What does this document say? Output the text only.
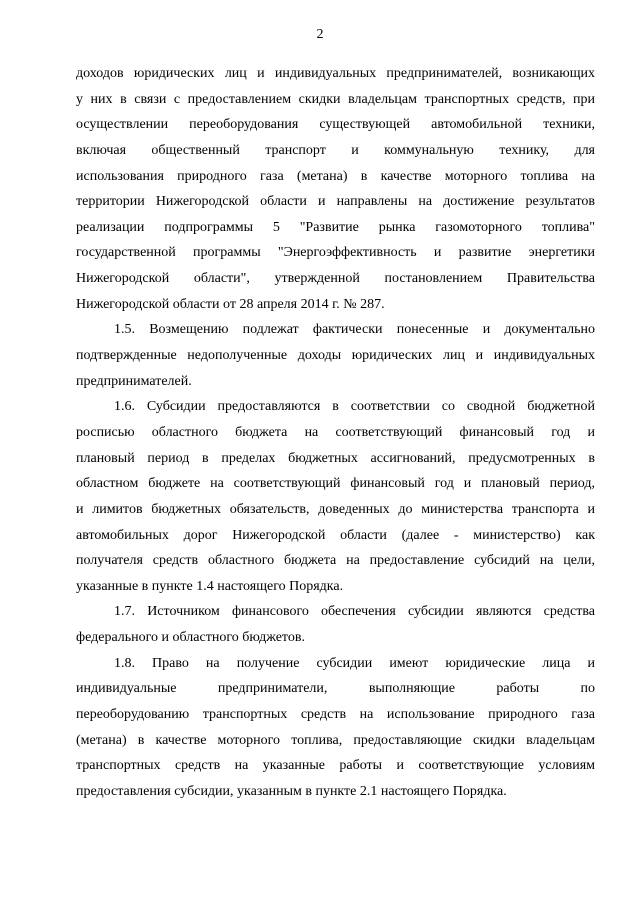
2
доходов юридических лиц и индивидуальных предпринимателей, возникающих
у них в связи с предоставлением скидки владельцам транспортных средств, при
осуществлении переоборудования существующей автомобильной техники,
включая общественный транспорт и коммунальную технику, для
использования природного газа (метана) в качестве моторного топлива на
территории Нижегородской области и направлены на достижение результатов
реализации подпрограммы 5 "Развитие рынка газомоторного топлива"
государственной программы "Энергоэффективность и развитие энергетики
Нижегородской области", утвержденной постановлением Правительства
Нижегородской области от 28 апреля 2014 г. № 287.
1.5. Возмещению подлежат фактически понесенные и документально
подтвержденные недополученные доходы юридических лиц и индивидуальных
предпринимателей.
1.6. Субсидии предоставляются в соответствии со сводной бюджетной
росписью областного бюджета на соответствующий финансовый год и
плановый период в пределах бюджетных ассигнований, предусмотренных в
областном бюджете на соответствующий финансовый год и плановый период,
и лимитов бюджетных обязательств, доведенных до министерства транспорта и
автомобильных дорог Нижегородской области (далее - министерство) как
получателя средств областного бюджета на предоставление субсидий на цели,
указанные в пункте 1.4 настоящего Порядка.
1.7. Источником финансового обеспечения субсидии являются средства
федерального и областного бюджетов.
1.8. Право на получение субсидии имеют юридические лица и
индивидуальные предприниматели, выполняющие работы по
переоборудованию транспортных средств на использование природного газа
(метана) в качестве моторного топлива, предоставляющие скидки владельцам
транспортных средств на указанные работы и соответствующие условиям
предоставления субсидии, указанным в пункте 2.1 настоящего Порядка.
